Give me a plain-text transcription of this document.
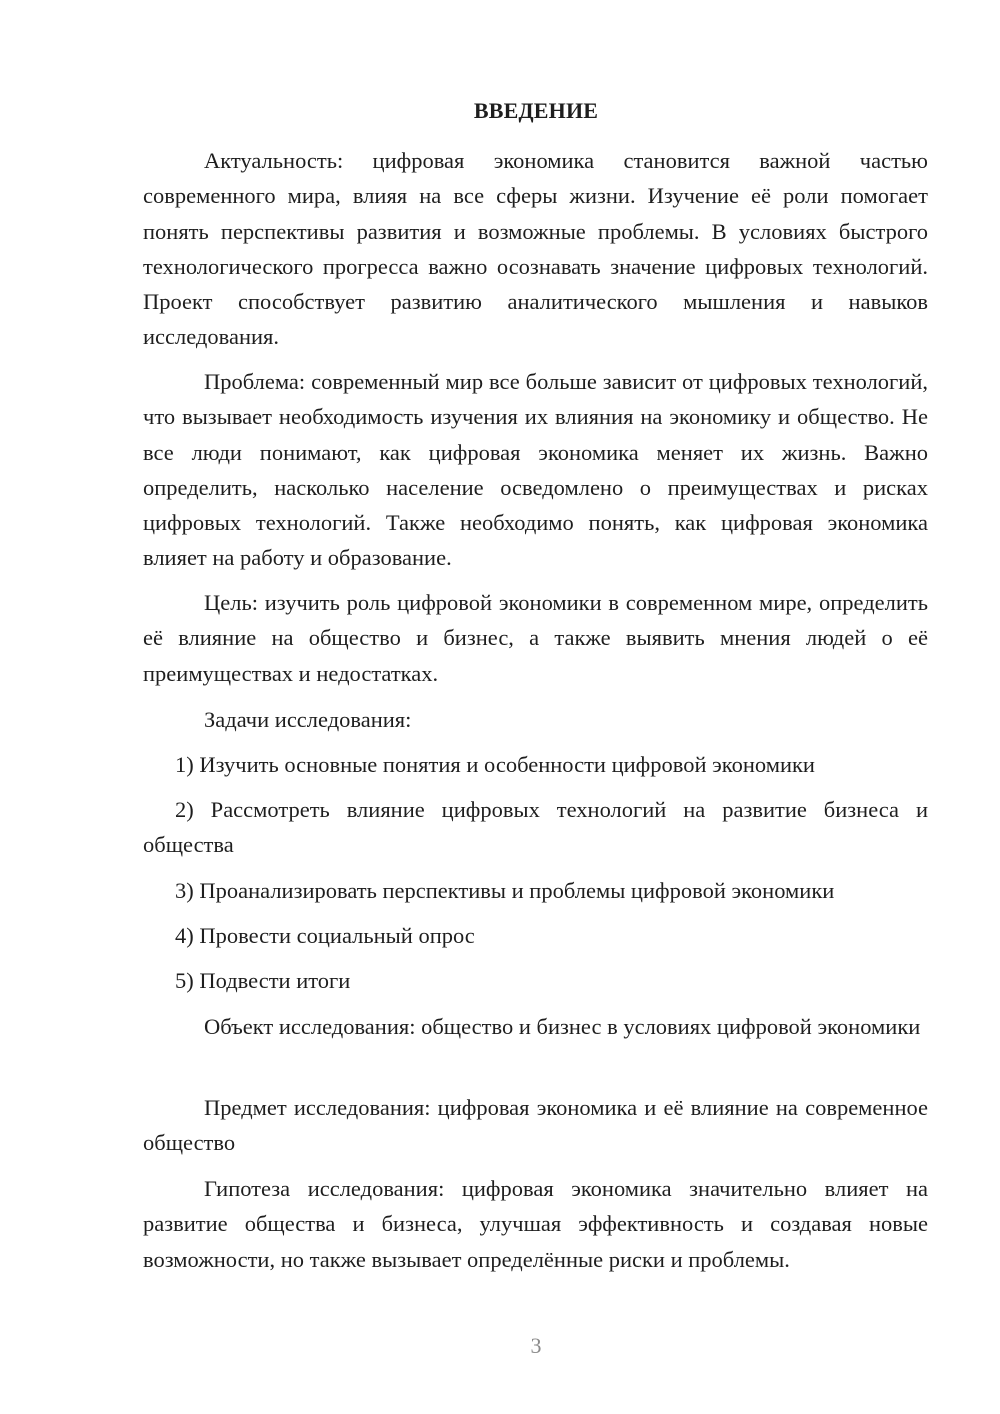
ВВЕДЕНИЕ

Актуальность: цифровая экономика становится важной частью современного мира, влияя на все сферы жизни. Изучение её роли помогает понять перспективы развития и возможные проблемы. В условиях быстрого технологического прогресса важно осознавать значение цифровых технологий. Проект способствует развитию аналитического мышления и навыков исследования.

Проблема: современный мир все больше зависит от цифровых технологий, что вызывает необходимость изучения их влияния на экономику и общество. Не все люди понимают, как цифровая экономика меняет их жизнь. Важно определить, насколько население осведомлено о преимуществах и рисках цифровых технологий. Также необходимо понять, как цифровая экономика влияет на работу и образование.

Цель: изучить роль цифровой экономики в современном мире, определить её влияние на общество и бизнес, а также выявить мнения людей о её преимуществах и недостатках.

Задачи исследования:

1) Изучить основные понятия и особенности цифровой экономики

2) Рассмотреть влияние цифровых технологий на развитие бизнеса и общества

3) Проанализировать перспективы и проблемы цифровой экономики

4) Провести социальный опрос

5) Подвести итоги

Объект исследования: общество и бизнес в условиях цифровой экономики

Предмет исследования: цифровая экономика и её влияние на современное общество

Гипотеза исследования: цифровая экономика значительно влияет на развитие общества и бизнеса, улучшая эффективность и создавая новые возможности, но также вызывает определённые риски и проблемы.

3
